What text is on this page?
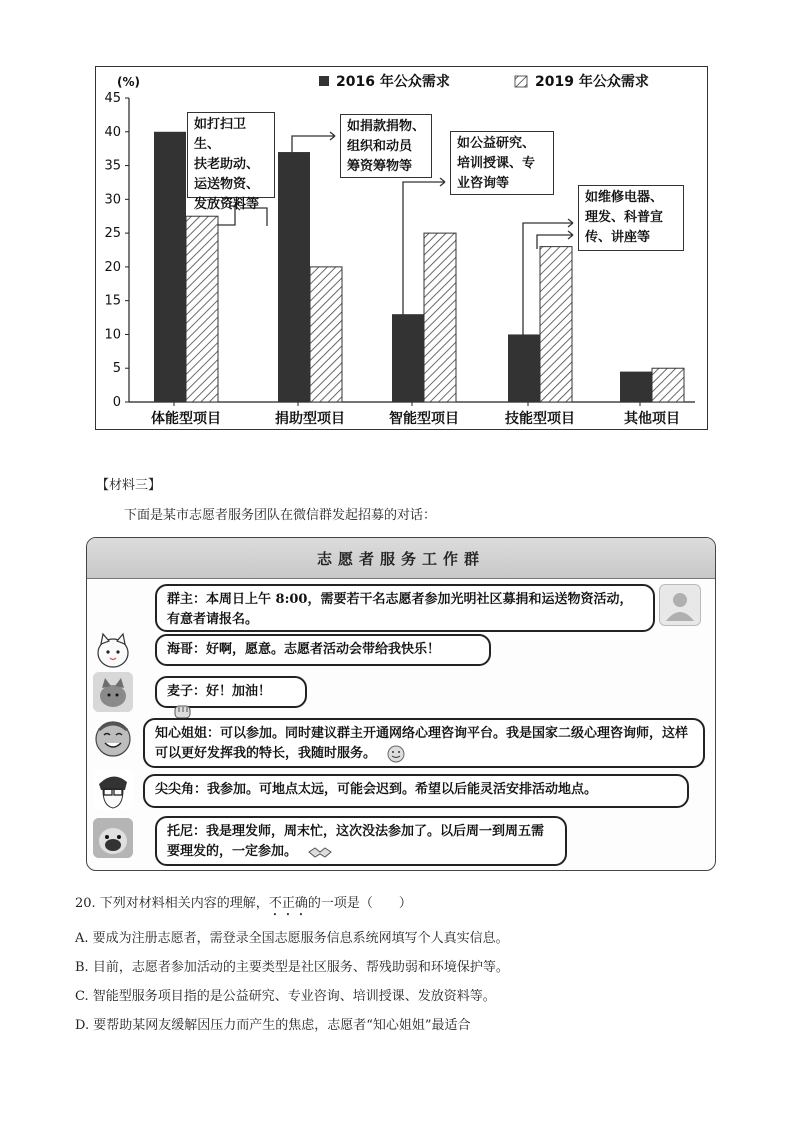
0
5
10
15
20
25
30
35
40
45
体能型项目	捐助型项目	智能型项目	技能型项目	其他项目
(%)	2016 年公众需求	2019 年公众需求
如打扫卫生、
扶老助动、
运送物资、
发放资料等
如捐款捐物、
组织和动员
筹资筹物等
如公益研究、
培训授课、专
业咨询等
如维修电器、
理发、科普宣
传、讲座等
【材料三】
下面是某市志愿者服务团队在微信群发起招募的对话：
志愿者服务工作群
群主：本周日上午 8:00，需要若干名志愿者参加光明社区募捐和运送物资活动，有意者请报名。
海哥：好啊，愿意。志愿者活动会带给我快乐！
麦子：好！加油！
知心姐姐：可以参加。同时建议群主开通网络心理咨询平台。我是国家二级心理咨询师，这样可以更好发挥我的特长，我随时服务。
尖尖角：我参加。可地点太远，可能会迟到。希望以后能灵活安排活动地点。
托尼：我是理发师，周末忙，这次没法参加了。以后周一到周五需要理发的，一定参加。
20. 下列对材料相关内容的理解，不正确的一项是（　　）
A. 要成为注册志愿者，需登录全国志愿服务信息系统网填写个人真实信息。
B. 目前，志愿者参加活动的主要类型是社区服务、帮残助弱和环境保护等。
C. 智能型服务项目指的是公益研究、专业咨询、培训授课、发放资料等。
D. 要帮助某网友缓解因压力而产生的焦虑，志愿者“知心姐姐”最适合
